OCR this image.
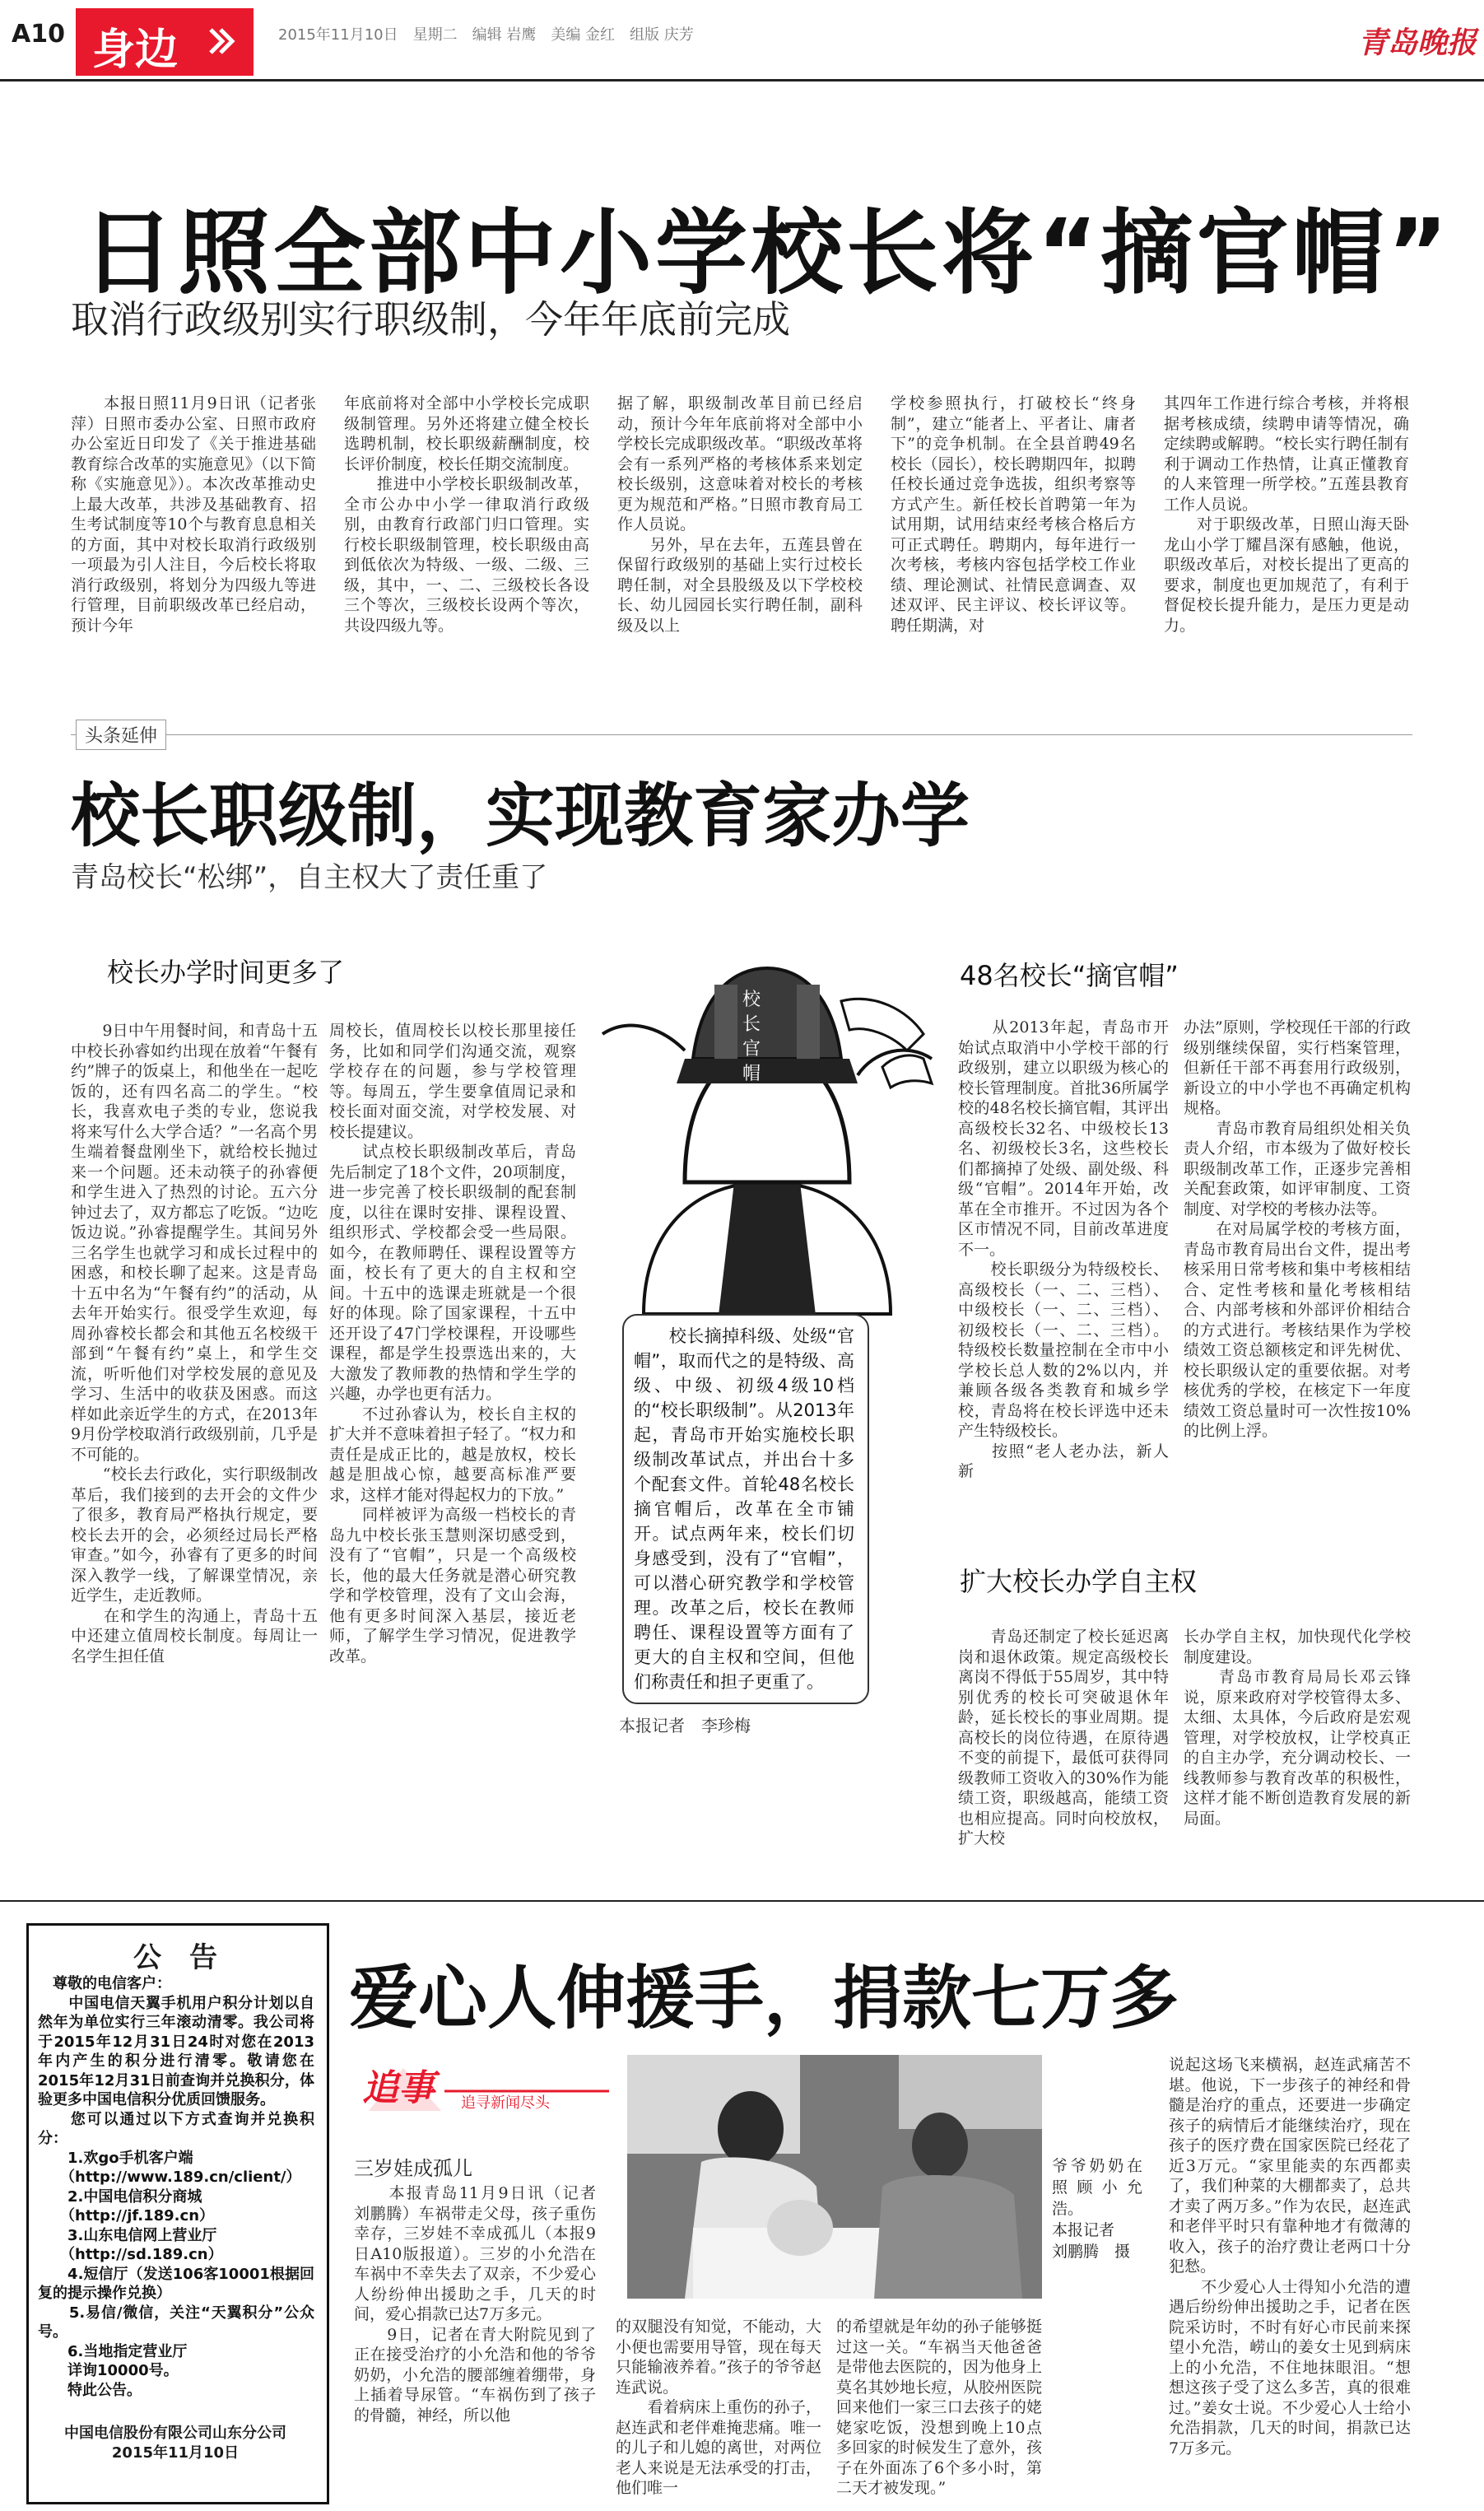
A10 身边	2015年11月10日　星期二　编辑 岩鹰　美编 金红　组版 庆芳	青岛晚报
日照全部中小学校长将“摘官帽”
取消行政级别实行职级制，今年年底前完成
　　本报日照11月9日讯（记者张萍）日照市委办公室、日照市政府办公室近日印发了《关于推进基础教育综合改革的实施意见》（以下简称《实施意见》）。本次改革推动史上最大改革，共涉及基础教育、招生考试制度等10个与教育息息相关的方面，其中对校长取消行政级别一项最为引人注目，今后校长将取消行政级别，将划分为四级九等进行管理，目前职级改革已经启动，预计今年
年底前将对全部中小学校长完成职级制管理。另外还将建立健全校长选聘机制，校长职级薪酬制度，校长评价制度，校长任期交流制度。
　　推进中小学校长职级制改革，全市公办中小学一律取消行政级别，由教育行政部门归口管理。实行校长职级制管理，校长职级由高到低依次为特级、一级、二级、三级，其中，一、二、三级校长各设三个等次，三级校长设两个等次，共设四级九等。
据了解，职级制改革目前已经启动，预计今年年底前将对全部中小学校长完成职级改革。“职级改革将会有一系列严格的考核体系来划定校长级别，这意味着对校长的考核更为规范和严格。”日照市教育局工作人员说。
　　另外，早在去年，五莲县曾在保留行政级别的基础上实行过校长聘任制，对全县股级及以下学校校长、幼儿园园长实行聘任制，副科级及以上
学校参照执行，打破校长“终身制”，建立“能者上、平者让、庸者下”的竞争机制。在全县首聘49名校长（园长），校长聘期四年，拟聘任校长通过竞争选拔，组织考察等方式产生。新任校长首聘第一年为试用期，试用结束经考核合格后方可正式聘任。聘期内，每年进行一次考核，考核内容包括学校工作业绩、理论测试、社情民意调查、双述双评、民主评议、校长评议等。聘任期满，对
其四年工作进行综合考核，并将根据考核成绩，续聘申请等情况，确定续聘或解聘。“校长实行聘任制有利于调动工作热情，让真正懂教育的人来管理一所学校。”五莲县教育工作人员说。
　　对于职级改革，日照山海天卧龙山小学丁耀昌深有感触，他说，职级改革后，对校长提出了更高的要求，制度也更加规范了，有利于督促校长提升能力，是压力更是动力。
头条延伸
校长职级制，实现教育家办学
青岛校长“松绑”，自主权大了责任重了
校长办学时间更多了	48名校长“摘官帽”
　　9日中午用餐时间，和青岛十五中校长孙睿如约出现在放着“午餐有约”牌子的饭桌上，和他坐在一起吃饭的，还有四名高二的学生。“校长，我喜欢电子类的专业，您说我将来写什么大学合适？”一名高个男生端着餐盘刚坐下，就给校长抛过来一个问题。还未动筷子的孙睿便和学生进入了热烈的讨论。五六分钟过去了，双方都忘了吃饭。“边吃饭边说。”孙睿提醒学生。其间另外三名学生也就学习和成长过程中的困惑，和校长聊了起来。这是青岛十五中名为“午餐有约”的活动，从去年开始实行。很受学生欢迎，每周孙睿校长都会和其他五名校级干部到“午餐有约”桌上，和学生交流，听听他们对学校发展的意见及学习、生活中的收获及困惑。而这样如此亲近学生的方式，在2013年9月份学校取消行政级别前，几乎是不可能的。
　　“校长去行政化，实行职级制改革后，我们接到的去开会的文件少了很多，教育局严格执行规定，要校长去开的会，必须经过局长严格审查。”如今，孙睿有了更多的时间深入教学一线，了解课堂情况，亲近学生，走近教师。
　　在和学生的沟通上，青岛十五中还建立值周校长制度。每周让一名学生担任值
周校长，值周校长以校长那里接任务，比如和同学们沟通交流，观察学校存在的问题，参与学校管理等。每周五，学生要拿值周记录和校长面对面交流，对学校发展、对校长提建议。
　　试点校长职级制改革后，青岛先后制定了18个文件，20项制度，进一步完善了校长职级制的配套制度，以往在课时安排、课程设置、组织形式、学校都会受一些局限。如今，在教师聘任、课程设置等方面，校长有了更大的自主权和空间。十五中的选课走班就是一个很好的体现。除了国家课程，十五中还开设了47门学校课程，开设哪些课程，都是学生投票选出来的，大大激发了教师教的热情和学生学的兴趣，办学也更有活力。
　　不过孙睿认为，校长自主权的扩大并不意味着担子轻了。“权力和责任是成正比的，越是放权，校长越是胆战心惊，越要高标准严要求，这样才能对得起权力的下放。”
　　同样被评为高级一档校长的青岛九中校长张玉慧则深切感受到，没有了“官帽”，只是一个高级校长，他的最大任务就是潜心研究教学和学校管理，没有了文山会海，他有更多时间深入基层，接近老师，了解学生学习情况，促进教学改革。
校长官帽
　　校长摘掉科级、处级“官帽”，取而代之的是特级、高级、中级、初级4级10档的“校长职级制”。从2013年起，青岛市开始实施校长职级制改革试点，并出台十多个配套文件。首轮48名校长摘官帽后，改革在全市铺开。试点两年来，校长们切身感受到，没有了“官帽”，可以潜心研究教学和学校管理。改革之后，校长在教师聘任、课程设置等方面有了更大的自主权和空间，但他们称责任和担子更重了。
本报记者　李珍梅
　　从2013年起，青岛市开始试点取消中小学校干部的行政级别，建立以职级为核心的校长管理制度。首批36所属学校的48名校长摘官帽，其评出高级校长32名、中级校长13名、初级校长3名，这些校长们都摘掉了处级、副处级、科级“官帽”。2014年开始，改革在全市推开。不过因为各个区市情况不同，目前改革进度不一。
　　校长职级分为特级校长、高级校长（一、二、三档）、中级校长（一、二、三档）、初级校长（一、二、三档）。特级校长数量控制在全市中小学校长总人数的2%以内，并兼顾各级各类教育和城乡学校，青岛将在校长评选中还未产生特级校长。
　　按照“老人老办法，新人新
办法”原则，学校现任干部的行政级别继续保留，实行档案管理，但新任干部不再套用行政级别，新设立的中小学也不再确定机构规格。
　　青岛市教育局组织处相关负责人介绍，市本级为了做好校长职级制改革工作，正逐步完善相关配套政策，如评审制度、工资制度、对学校的考核办法等。
　　在对局属学校的考核方面，青岛市教育局出台文件，提出考核采用日常考核和集中考核相结合、定性考核和量化考核相结合、内部考核和外部评价相结合的方式进行。考核结果作为学校绩效工资总额核定和评先树优、校长职级认定的重要依据。对考核优秀的学校，在核定下一年度绩效工资总量时可一次性按10%的比例上浮。
扩大校长办学自主权
　　青岛还制定了校长延迟离岗和退休政策。规定高级校长离岗不得低于55周岁，其中特别优秀的校长可突破退休年龄，延长校长的事业周期。提高校长的岗位待遇，在原待遇不变的前提下，最低可获得同级教师工资收入的30%作为能绩工资，职级越高，能绩工资也相应提高。同时向校放权，扩大校
长办学自主权，加快现代化学校制度建设。
　　青岛市教育局局长邓云锋说，原来政府对学校管得太多、太细、太具体，今后政府是宏观管理，对学校放权，让学校真正的自主办学，充分调动校长、一线教师参与教育改革的积极性，这样才能不断创造教育发展的新局面。
公　告
　尊敬的电信客户：
　　中国电信天翼手机用户积分计划以自然年为单位实行三年滚动清零。我公司将于2015年12月31日24时对您在2013年内产生的积分进行清零。敬请您在2015年12月31日前查询并兑换积分，体验更多中国电信积分优质回馈服务。
　　您可以通过以下方式查询并兑换积分：
　　1.欢go手机客户端
　　（http://www.189.cn/client/）
　　2.中国电信积分商城
　　（http://jf.189.cn）
　　3.山东电信网上营业厅
　　（http://sd.189.cn）
　　4.短信厅（发送106客10001根据回复的提示操作兑换）
　　5.易信/微信，关注“天翼积分”公众号。
　　6.当地指定营业厅
　　详询10000号。
　　特此公告。
中国电信股份有限公司山东分公司
2015年11月10日
爱心人伸援手，捐款七万多
追事 追寻新闻尽头
三岁娃成孤儿	爷爷奶奶在照顾小允浩。
本报记者
刘鹏腾　摄
　　本报青岛11月9日讯（记者　刘鹏腾）车祸带走父母，孩子重伤幸存，三岁娃不幸成孤儿（本报9日A10版报道）。三岁的小允浩在车祸中不幸失去了双亲，不少爱心人纷纷伸出援助之手，几天的时间，爱心捐款已达7万多元。
　　9日，记者在青大附院见到了正在接受治疗的小允浩和他的爷爷奶奶，小允浩的腰部缠着绷带，身上插着导尿管。“车祸伤到了孩子的骨髓，神经，所以他
的双腿没有知觉，不能动，大小便也需要用导管，现在每天只能输液养着。”孩子的爷爷赵连武说。
　　看着病床上重伤的孙子，赵连武和老伴难掩悲痛。唯一的儿子和儿媳的离世，对两位老人来说是无法承受的打击，他们唯一
的希望就是年幼的孙子能够挺过这一关。“车祸当天他爸爸是带他去医院的，因为他身上莫名其妙地长痘，从胶州医院回来他们一家三口去孩子的姥姥家吃饭，没想到晚上10点多回家的时候发生了意外，孩子在外面冻了6个多小时，第二天才被发现。”
说起这场飞来横祸，赵连武痛苦不堪。他说，下一步孩子的神经和骨髓是治疗的重点，还要进一步确定孩子的病情后才能继续治疗，现在孩子的医疗费在国家医院已经花了近3万元。“家里能卖的东西都卖了，我们种菜的大棚都卖了，总共才卖了两万多。”作为农民，赵连武和老伴平时只有靠种地才有微薄的收入，孩子的治疗费让老两口十分犯愁。
　　不少爱心人士得知小允浩的遭遇后纷纷伸出援助之手，记者在医院采访时，不时有好心市民前来探望小允浩，崂山的姜女士见到病床上的小允浩，不住地抹眼泪。“想想这孩子受了这么多苦，真的很难过。”姜女士说。不少爱心人士给小允浩捐款，几天的时间，捐款已达7万多元。
